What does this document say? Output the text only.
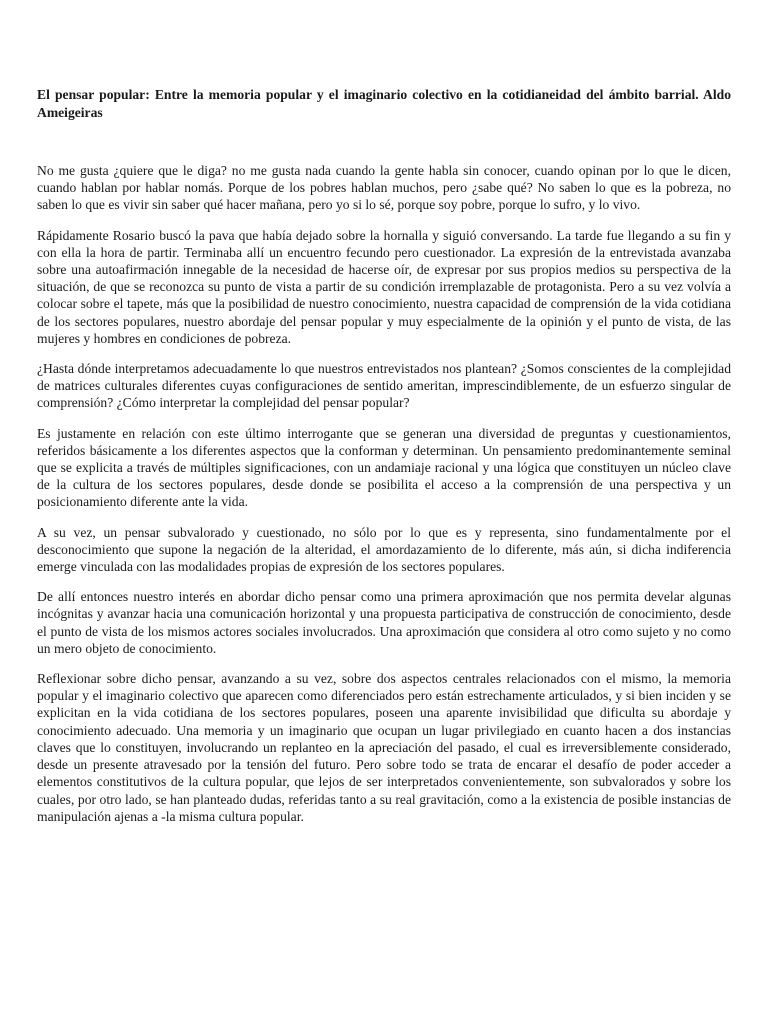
El pensar popular: Entre la memoria popular y el imaginario colectivo en la cotidianeidad del ámbito barrial. Aldo Ameigeiras

No me gusta ¿quiere que le diga? no me gusta nada cuando la gente habla sin conocer, cuando opinan por lo que le dicen, cuando hablan por hablar nomás. Porque de los pobres hablan muchos, pero ¿sabe qué? No saben lo que es la pobreza, no saben lo que es vivir sin saber qué hacer mañana, pero yo si lo sé, porque soy pobre, porque lo sufro, y lo vivo.

Rápidamente Rosario buscó la pava que había dejado sobre la hornalla y siguió conversando. La tarde fue llegando a su fin y con ella la hora de partir. Terminaba allí un encuentro fecundo pero cuestionador. La expresión de la entrevistada avanzaba sobre una autoafirmación innegable de la necesidad de hacerse oír, de expresar por sus propios medios su perspectiva de la situación, de que se reconozca su punto de vista a partir de su condición irremplazable de protagonista. Pero a su vez volvía a colocar sobre el tapete, más que la posibilidad de nuestro conocimiento, nuestra capacidad de comprensión de la vida cotidiana de los sectores populares, nuestro abordaje del pensar popular y muy especialmente de la opinión y el punto de vista, de las mujeres y hombres en condiciones de pobreza.

¿Hasta dónde interpretamos adecuadamente lo que nuestros entrevistados nos plantean? ¿Somos conscientes de la complejidad de matrices culturales diferentes cuyas configuraciones de sentido ameritan, imprescindiblemente, de un esfuerzo singular de comprensión? ¿Cómo interpretar la complejidad del pensar popular?

Es justamente en relación con este último interrogante que se generan una diversidad de preguntas y cuestionamientos, referidos básicamente a los diferentes aspectos que la conforman y determinan. Un pensamiento predominantemente seminal que se explicita a través de múltiples significaciones, con un andamiaje racional y una lógica que constituyen un núcleo clave de la cultura de los sectores populares, desde donde se posibilita el acceso a la comprensión de una perspectiva y un posicionamiento diferente ante la vida.

A su vez, un pensar subvalorado y cuestionado, no sólo por lo que es y representa, sino fundamentalmente por el desconocimiento que supone la negación de la alteridad, el amordazamiento de lo diferente, más aún, si dicha indiferencia emerge vinculada con las modalidades propias de expresión de los sectores populares.

De allí entonces nuestro interés en abordar dicho pensar como una primera aproximación que nos permita develar algunas incógnitas y avanzar hacia una comunicación horizontal y una propuesta participativa de construcción de conocimiento, desde el punto de vista de los mismos actores sociales involucrados. Una aproximación que considera al otro como sujeto y no como un mero objeto de conocimiento.

Reflexionar sobre dicho pensar, avanzando a su vez, sobre dos aspectos centrales relacionados con el mismo, la memoria popular y el imaginario colectivo que aparecen como diferenciados pero están estrechamente articulados, y si bien inciden y se explicitan en la vida cotidiana de los sectores populares, poseen una aparente invisibilidad que dificulta su abordaje y conocimiento adecuado. Una memoria y un imaginario que ocupan un lugar privilegiado en cuanto hacen a dos instancias claves que lo constituyen, involucrando un replanteo en la apreciación del pasado, el cual es irreversiblemente considerado, desde un presente atravesado por la tensión del futuro. Pero sobre todo se trata de encarar el desafío de poder acceder a elementos constitutivos de la cultura popular, que lejos de ser interpretados convenientemente, son subvalorados y sobre los cuales, por otro lado, se han planteado dudas, referidas tanto a su real gravitación, como a la existencia de posible instancias de manipulación ajenas a -la misma cultura popular.
